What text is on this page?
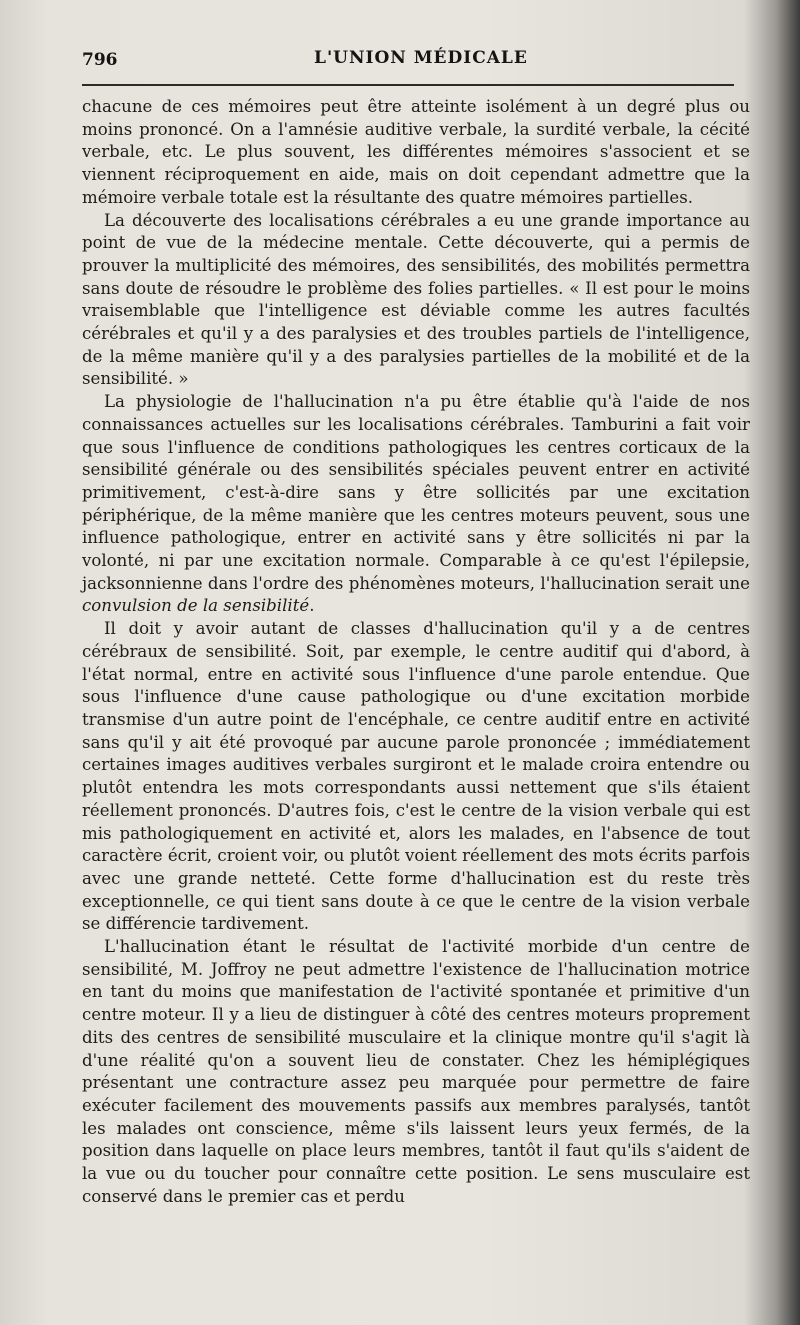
796	L'UNION MÉDICALE

chacune de ces mémoires peut être atteinte isolément à un degré plus ou moins prononcé. On a l'amnésie auditive verbale, la surdité verbale, la cécité verbale, etc. Le plus souvent, les différentes mémoires s'associent et se viennent réciproquement en aide, mais on doit cependant admettre que la mémoire verbale totale est la résultante des quatre mémoires partielles.

La découverte des localisations cérébrales a eu une grande importance au point de vue de la médecine mentale. Cette découverte, qui a permis de prouver la multiplicité des mémoires, des sensibilités, des mobilités permettra sans doute de résoudre le problème des folies partielles. « Il est pour le moins vraisemblable que l'intelligence est déviable comme les autres facultés cérébrales et qu'il y a des paralysies et des troubles partiels de l'intelligence, de la même manière qu'il y a des paralysies partielles de la mobilité et de la sensibilité. »

La physiologie de l'hallucination n'a pu être établie qu'à l'aide de nos connaissances actuelles sur les localisations cérébrales. Tamburini a fait voir que sous l'influence de conditions pathologiques les centres corticaux de la sensibilité générale ou des sensibilités spéciales peuvent entrer en activité primitivement, c'est-à-dire sans y être sollicités par une excitation périphérique, de la même manière que les centres moteurs peuvent, sous une influence pathologique, entrer en activité sans y être sollicités ni par la volonté, ni par une excitation normale. Comparable à ce qu'est l'épilepsie, jacksonnienne dans l'ordre des phénomènes moteurs, l'hallucination serait une convulsion de la sensibilité.

Il doit y avoir autant de classes d'hallucination qu'il y a de centres cérébraux de sensibilité. Soit, par exemple, le centre auditif qui d'abord, à l'état normal, entre en activité sous l'influence d'une parole entendue. Que sous l'influence d'une cause pathologique ou d'une excitation morbide transmise d'un autre point de l'encéphale, ce centre auditif entre en activité sans qu'il y ait été provoqué par aucune parole prononcée ; immédiatement certaines images auditives verbales surgiront et le malade croira entendre ou plutôt entendra les mots correspondants aussi nettement que s'ils étaient réellement prononcés. D'autres fois, c'est le centre de la vision verbale qui est mis pathologiquement en activité et, alors les malades, en l'absence de tout caractère écrit, croient voir, ou plutôt voient réellement des mots écrits parfois avec une grande netteté. Cette forme d'hallucination est du reste très exceptionnelle, ce qui tient sans doute à ce que le centre de la vision verbale se différencie tardivement.

L'hallucination étant le résultat de l'activité morbide d'un centre de sensibilité, M. Joffroy ne peut admettre l'existence de l'hallucination motrice en tant du moins que manifestation de l'activité spontanée et primitive d'un centre moteur. Il y a lieu de distinguer à côté des centres moteurs proprement dits des centres de sensibilité musculaire et la clinique montre qu'il s'agit là d'une réalité qu'on a souvent lieu de constater. Chez les hémiplégiques présentant une contracture assez peu marquée pour permettre de faire exécuter facilement des mouvements passifs aux membres paralysés, tantôt les malades ont conscience, même s'ils laissent leurs yeux fermés, de la position dans laquelle on place leurs membres, tantôt il faut qu'ils s'aident de la vue ou du toucher pour connaître cette position. Le sens musculaire est conservé dans le premier cas et perdu
